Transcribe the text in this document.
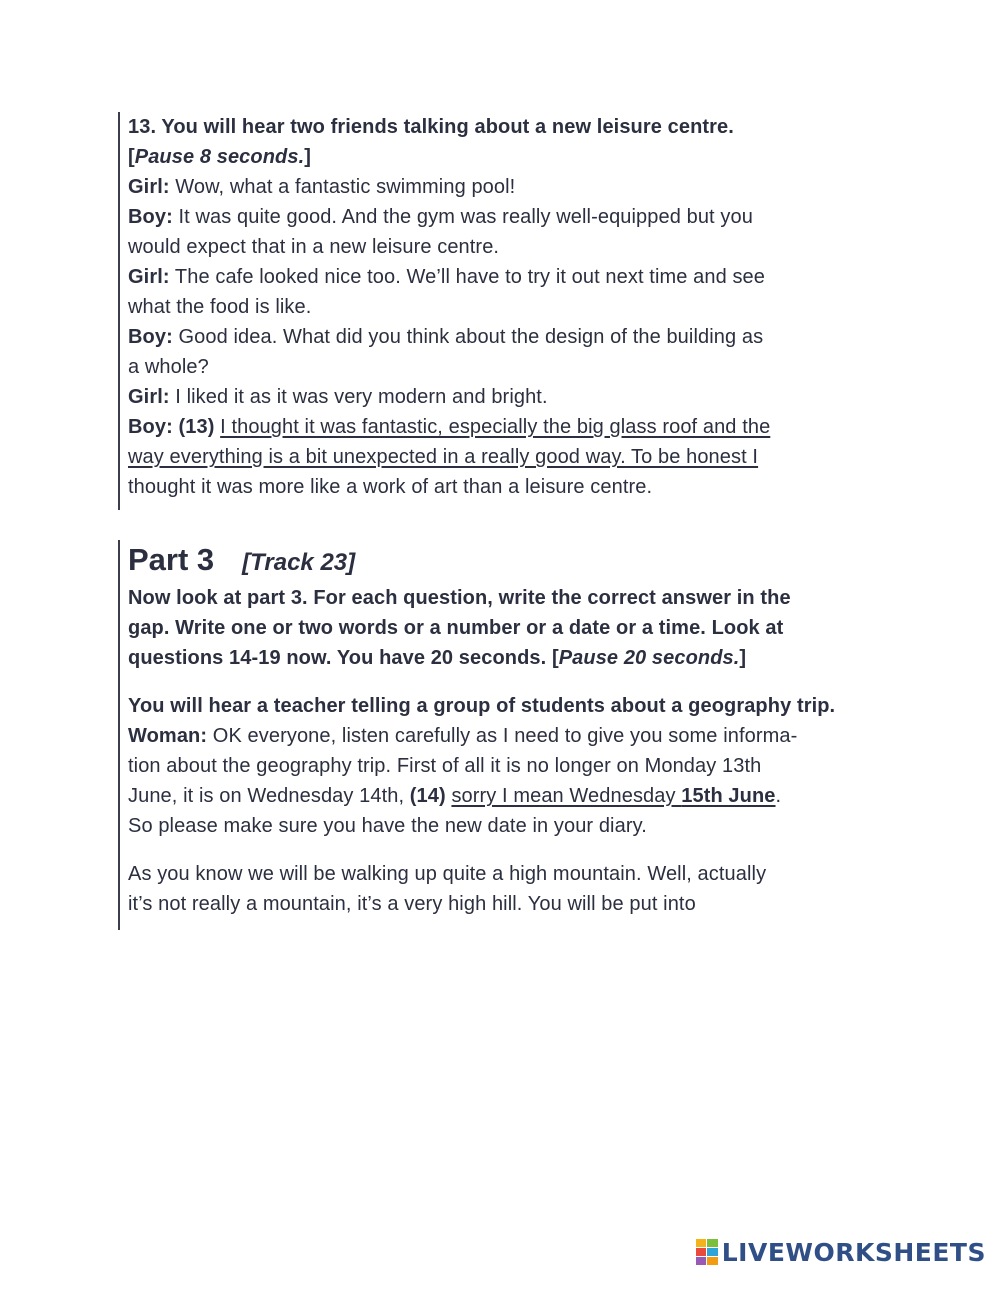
13. You will hear two friends talking about a new leisure centre.
[Pause 8 seconds.]
Girl: Wow, what a fantastic swimming pool!
Boy: It was quite good. And the gym was really well-equipped but you
would expect that in a new leisure centre.
Girl: The cafe looked nice too. We’ll have to try it out next time and see
what the food is like.
Boy: Good idea. What did you think about the design of the building as
a whole?
Girl: I liked it as it was very modern and bright.
Boy: (13) I thought it was fantastic, especially the big glass roof and the
way everything is a bit unexpected in a really good way. To be honest I
thought it was more like a work of art than a leisure centre.
Part 3 [Track 23]
Now look at part 3. For each question, write the correct answer in the
gap. Write one or two words or a number or a date or a time. Look at
questions 14-19 now. You have 20 seconds. [Pause 20 seconds.]
You will hear a teacher telling a group of students about a geography trip.
Woman: OK everyone, listen carefully as I need to give you some informa-
tion about the geography trip. First of all it is no longer on Monday 13th
June, it is on Wednesday 14th, (14) sorry I mean Wednesday 15th June.
So please make sure you have the new date in your diary.
As you know we will be walking up quite a high mountain. Well, actually
it’s not really a mountain, it’s a very high hill. You will be put into
LIVEWORKSHEETS
